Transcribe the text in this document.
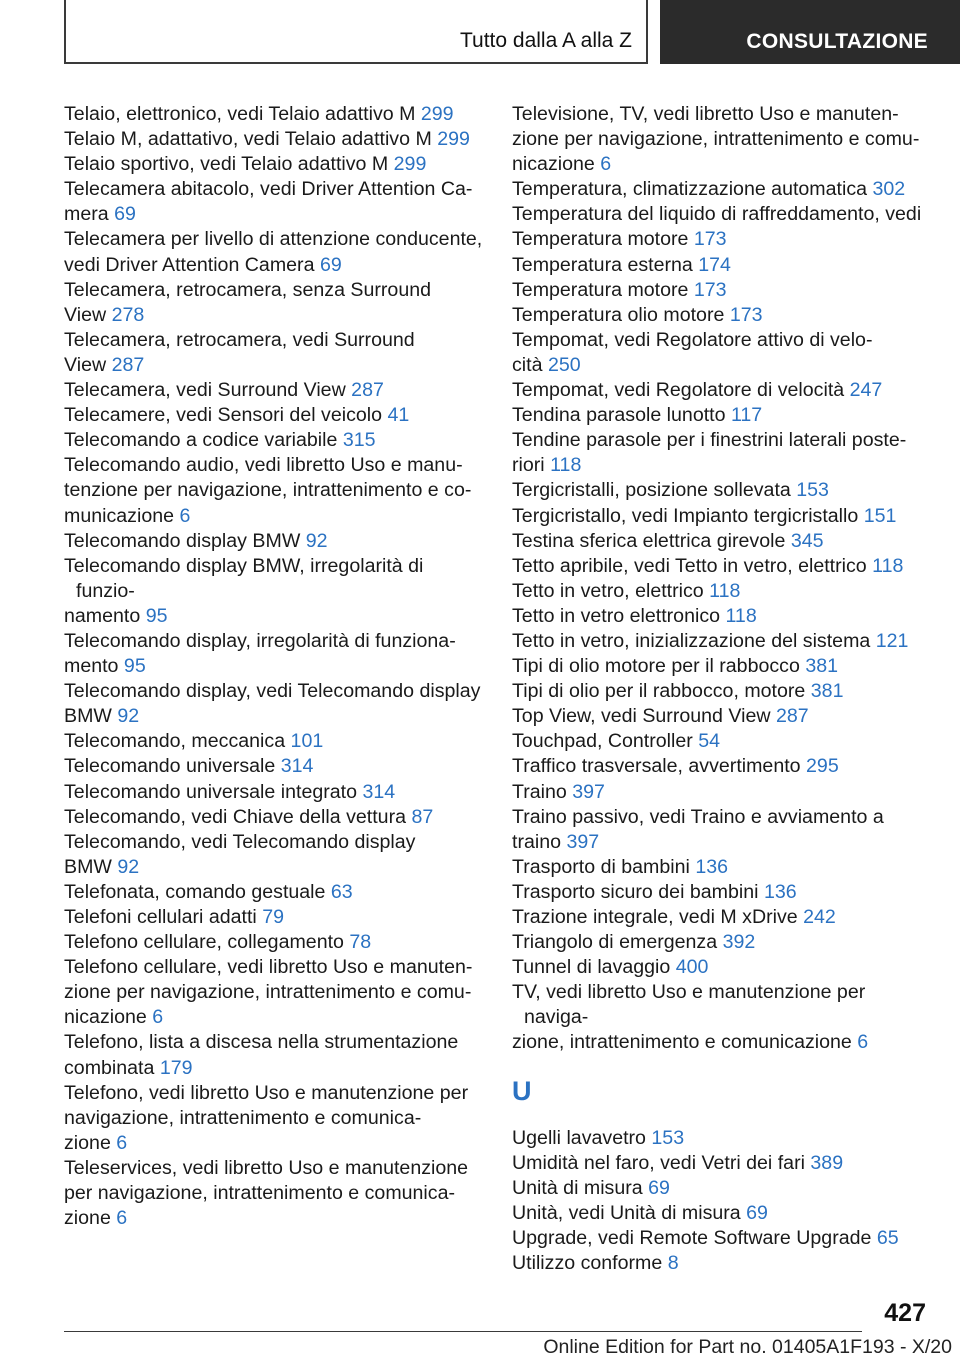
Tutto dalla A alla Z	CONSULTAZIONE
Telaio, elettronico, vedi Telaio adattivo M 299
Telaio M, adattativo, vedi Telaio adattivo M 299
Telaio sportivo, vedi Telaio adattivo M 299
Telecamera abitacolo, vedi Driver Attention Ca-
mera 69
Telecamera per livello di attenzione conducente,
vedi Driver Attention Camera 69
Telecamera, retrocamera, senza Surround
View 278
Telecamera, retrocamera, vedi Surround
View 287
Telecamera, vedi Surround View 287
Telecamere, vedi Sensori del veicolo 41
Telecomando a codice variabile 315
Telecomando audio, vedi libretto Uso e manu-
tenzione per navigazione, intrattenimento e co-
municazione 6
Telecomando display BMW 92
Telecomando display BMW, irregolarità di funzio-
namento 95
Telecomando display, irregolarità di funziona-
mento 95
Telecomando display, vedi Telecomando display
BMW 92
Telecomando, meccanica 101
Telecomando universale 314
Telecomando universale integrato 314
Telecomando, vedi Chiave della vettura 87
Telecomando, vedi Telecomando display
BMW 92
Telefonata, comando gestuale 63
Telefoni cellulari adatti 79
Telefono cellulare, collegamento 78
Telefono cellulare, vedi libretto Uso e manuten-
zione per navigazione, intrattenimento e comu-
nicazione 6
Telefono, lista a discesa nella strumentazione
combinata 179
Telefono, vedi libretto Uso e manutenzione per
navigazione, intrattenimento e comunica-
zione 6
Teleservices, vedi libretto Uso e manutenzione
per navigazione, intrattenimento e comunica-
zione 6
Televisione, TV, vedi libretto Uso e manuten-
zione per navigazione, intrattenimento e comu-
nicazione 6
Temperatura, climatizzazione automatica 302
Temperatura del liquido di raffreddamento, vedi
Temperatura motore 173
Temperatura esterna 174
Temperatura motore 173
Temperatura olio motore 173
Tempomat, vedi Regolatore attivo di velo-
cità 250
Tempomat, vedi Regolatore di velocità 247
Tendina parasole lunotto 117
Tendine parasole per i finestrini laterali poste-
riori 118
Tergicristalli, posizione sollevata 153
Tergicristallo, vedi Impianto tergicristallo 151
Testina sferica elettrica girevole 345
Tetto apribile, vedi Tetto in vetro, elettrico 118
Tetto in vetro, elettrico 118
Tetto in vetro elettronico 118
Tetto in vetro, inizializzazione del sistema 121
Tipi di olio motore per il rabbocco 381
Tipi di olio per il rabbocco, motore 381
Top View, vedi Surround View 287
Touchpad, Controller 54
Traffico trasversale, avvertimento 295
Traino 397
Traino passivo, vedi Traino e avviamento a
traino 397
Trasporto di bambini 136
Trasporto sicuro dei bambini 136
Trazione integrale, vedi M xDrive 242
Triangolo di emergenza 392
Tunnel di lavaggio 400
TV, vedi libretto Uso e manutenzione per naviga-
zione, intrattenimento e comunicazione 6
U
Ugelli lavavetro 153
Umidità nel faro, vedi Vetri dei fari 389
Unità di misura 69
Unità, vedi Unità di misura 69
Upgrade, vedi Remote Software Upgrade 65
Utilizzo conforme 8
427
Online Edition for Part no. 01405A1F193 - X/20
